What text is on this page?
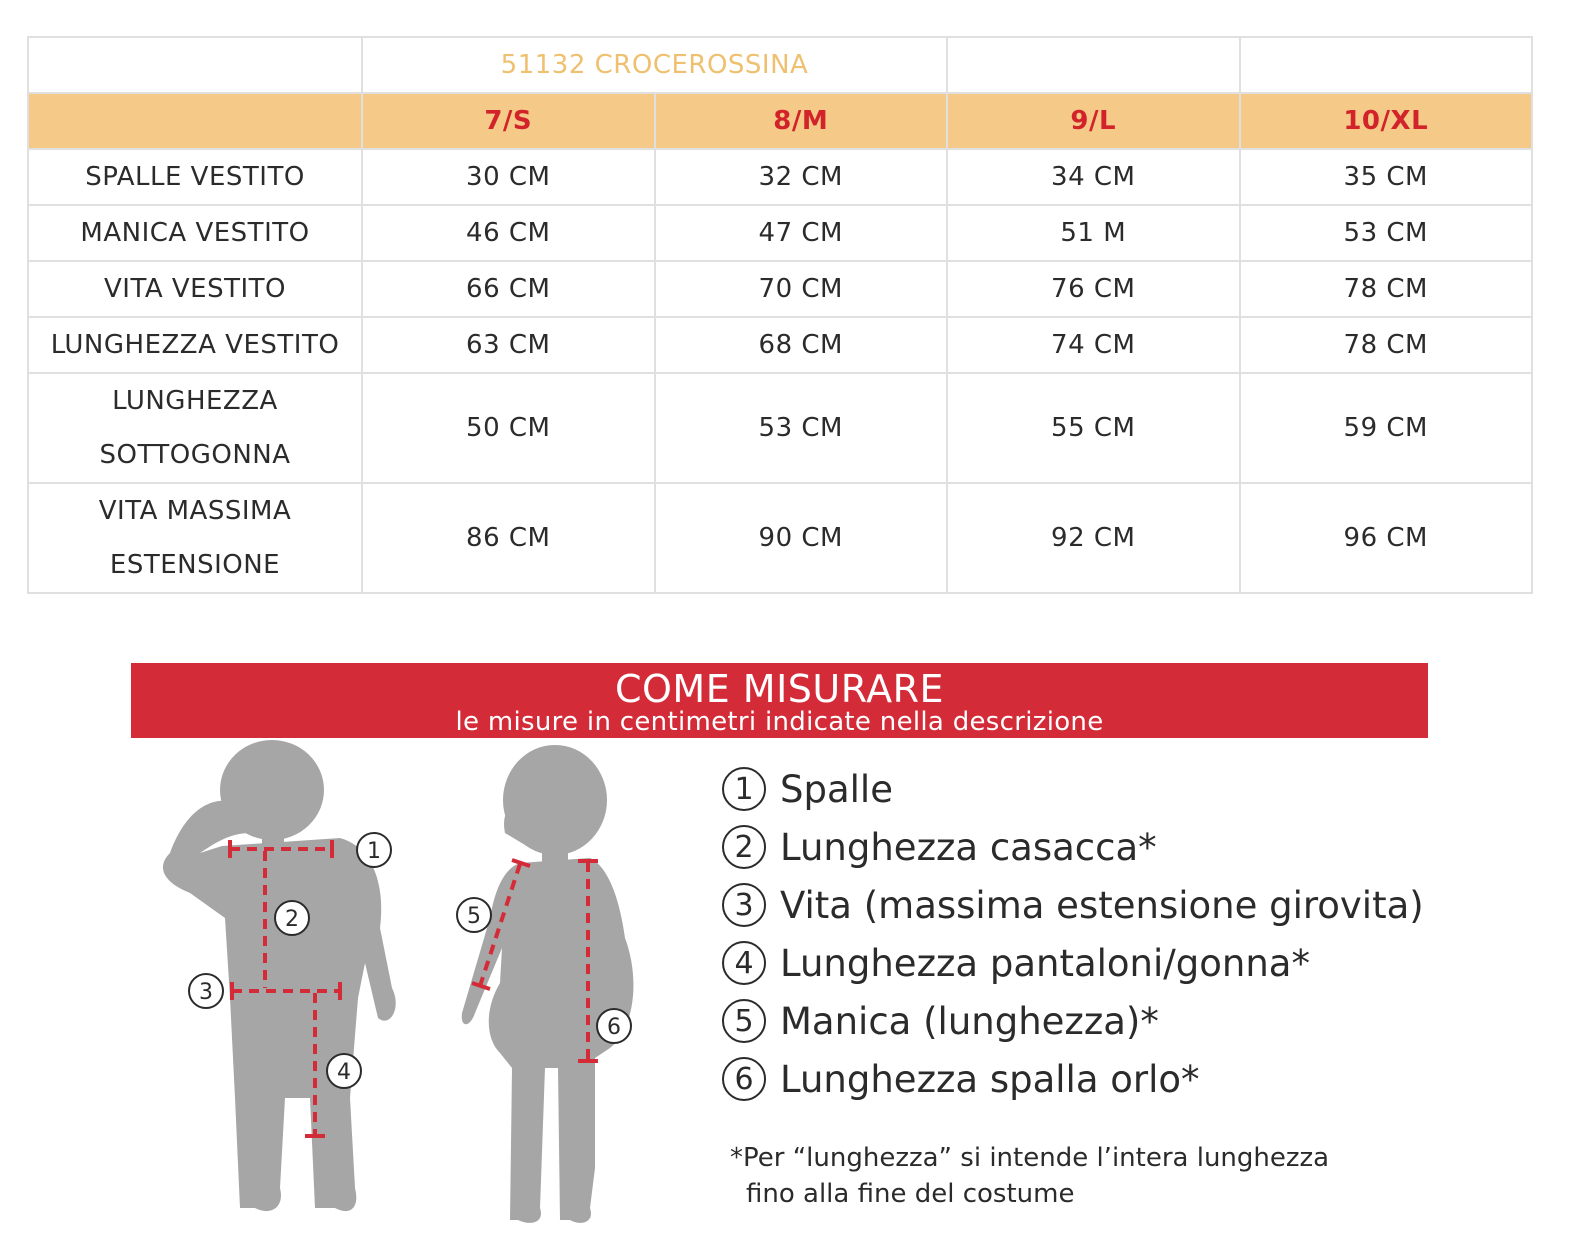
	51132 CROCEROSSINA			
	7/S	8/M	9/L	10/XL
SPALLE VESTITO	30 CM	32 CM	34 CM	35 CM
MANICA VESTITO	46 CM	47 CM	51 M	53 CM
VITA VESTITO	66 CM	70 CM	76 CM	78 CM
LUNGHEZZA VESTITO	63 CM	68 CM	74 CM	78 CM
LUNGHEZZA
SOTTOGONNA	50 CM	53 CM	55 CM	59 CM
VITA MASSIMA
ESTENSIONE	86 CM	90 CM	92 CM	96 CM
COME MISURARE
le misure in centimetri indicate nella descrizione
1
2
3
4
5
6
1 Spalle
2 Lunghezza casacca*
3 Vita (massima estensione girovita)
4 Lunghezza pantaloni/gonna*
5 Manica (lunghezza)*
6 Lunghezza spalla orlo*
*Per “lunghezza” si intende l’intera lunghezza
fino alla fine del costume
